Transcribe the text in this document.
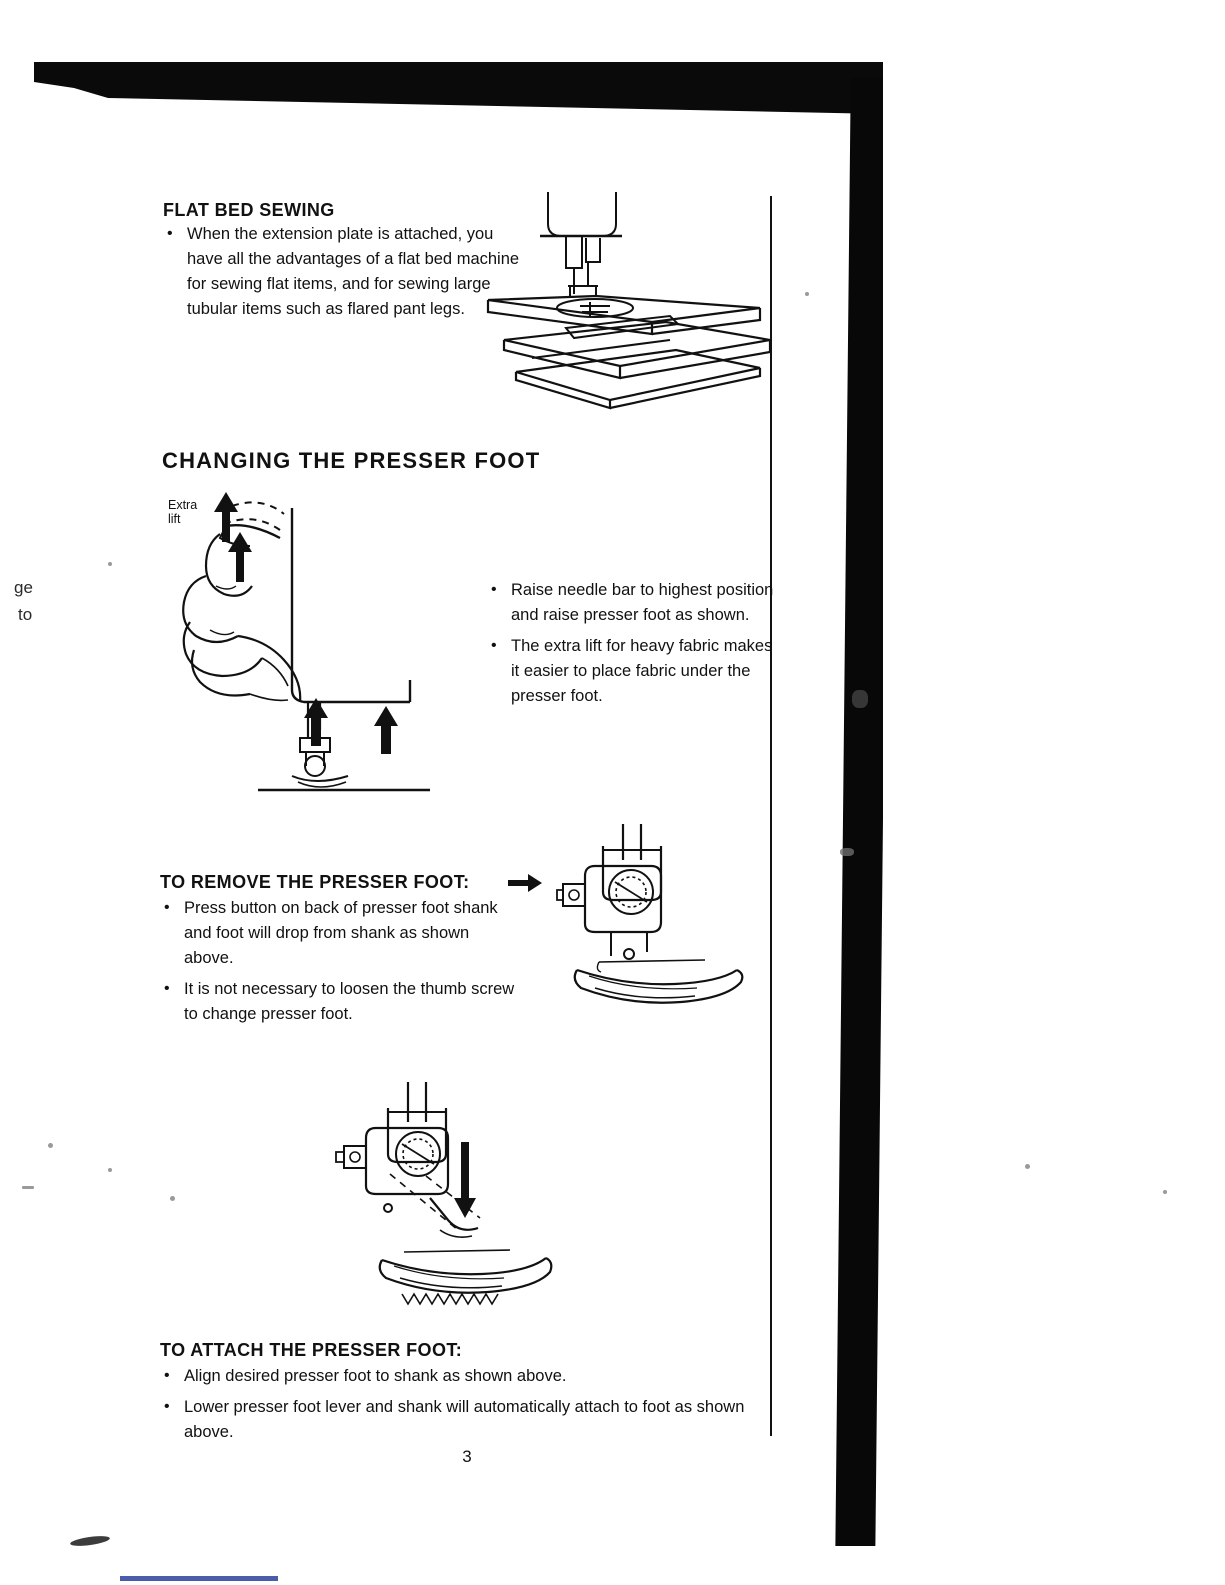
ge
to
FLAT BED SEWING
• When the extension plate is attached, you have all the advantages of a flat bed machine for sewing flat items, and for sewing large tubular items such as flared pant legs.
CHANGING THE PRESSER FOOT
Extra
lift
• Raise needle bar to highest position and raise presser foot as shown.
• The extra lift for heavy fabric makes it easier to place fabric under the presser foot.
TO REMOVE THE PRESSER FOOT:
• Press button on back of presser foot shank and foot will drop from shank as shown above.
• It is not necessary to loosen the thumb screw to change presser foot.
TO ATTACH THE PRESSER FOOT:
• Align desired presser foot to shank as shown above.
• Lower presser foot lever and shank will automatically attach to foot as shown above.
3
